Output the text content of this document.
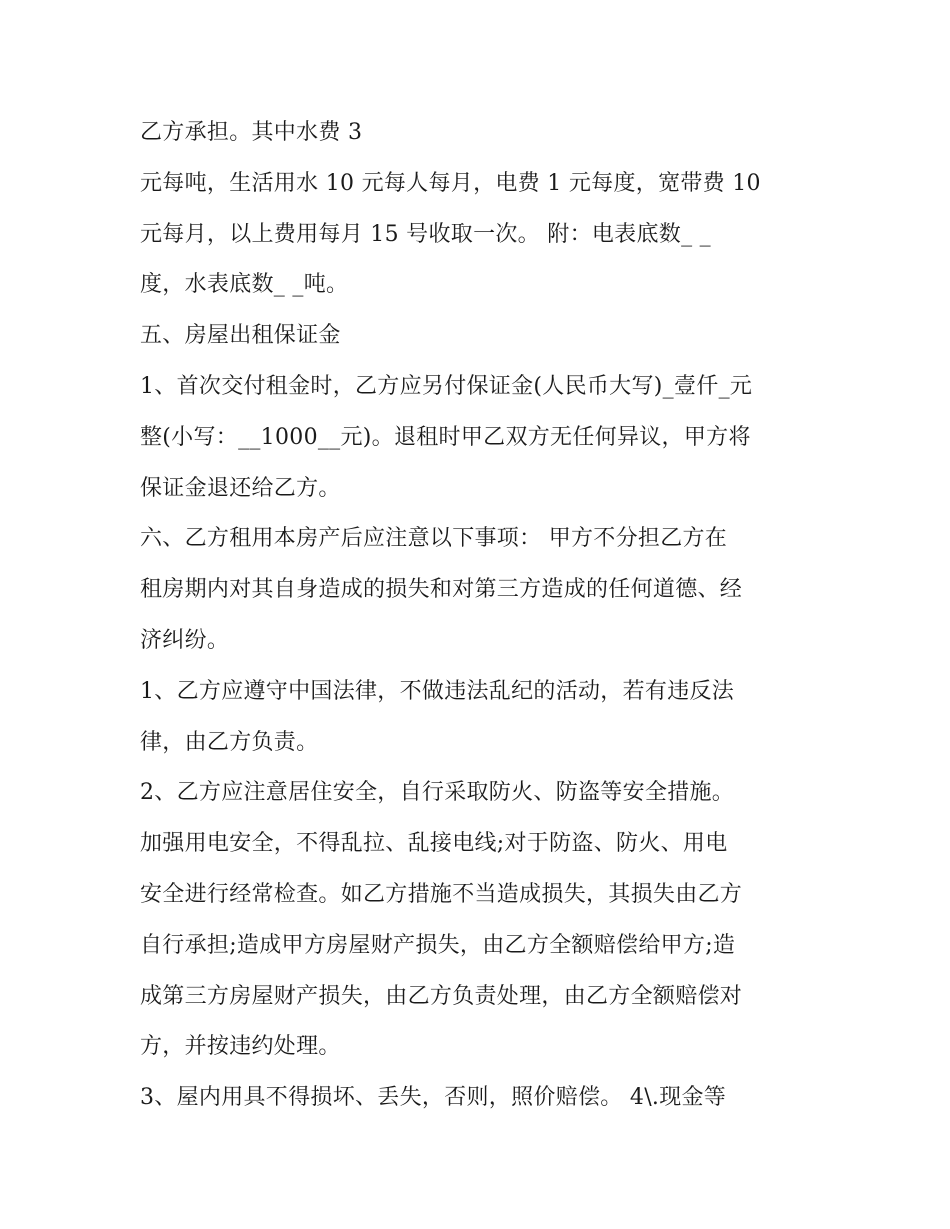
乙方承担。其中水费 3
元每吨，生活用水 10 元每人每月，电费 1 元每度，宽带费 10
元每月，以上费用每月 15 号收取一次。 附：电表底数_ _
度，水表底数_ _吨。
五、房屋出租保证金
1、首次交付租金时，乙方应另付保证金(人民币大写)_壹仟_元
整(小写：__1000__元)。退租时甲乙双方无任何异议，甲方将
保证金退还给乙方。
六、乙方租用本房产后应注意以下事项： 甲方不分担乙方在
租房期内对其自身造成的损失和对第三方造成的任何道德、经
济纠纷。
1、乙方应遵守中国法律，不做违法乱纪的活动，若有违反法
律，由乙方负责。
2、乙方应注意居住安全，自行采取防火、防盗等安全措施。
加强用电安全，不得乱拉、乱接电线;对于防盗、防火、用电
安全进行经常检查。如乙方措施不当造成损失，其损失由乙方
自行承担;造成甲方房屋财产损失，由乙方全额赔偿给甲方;造
成第三方房屋财产损失，由乙方负责处理，由乙方全额赔偿对
方，并按违约处理。
3、屋内用具不得损坏、丢失，否则，照价赔偿。 4\.现金等
